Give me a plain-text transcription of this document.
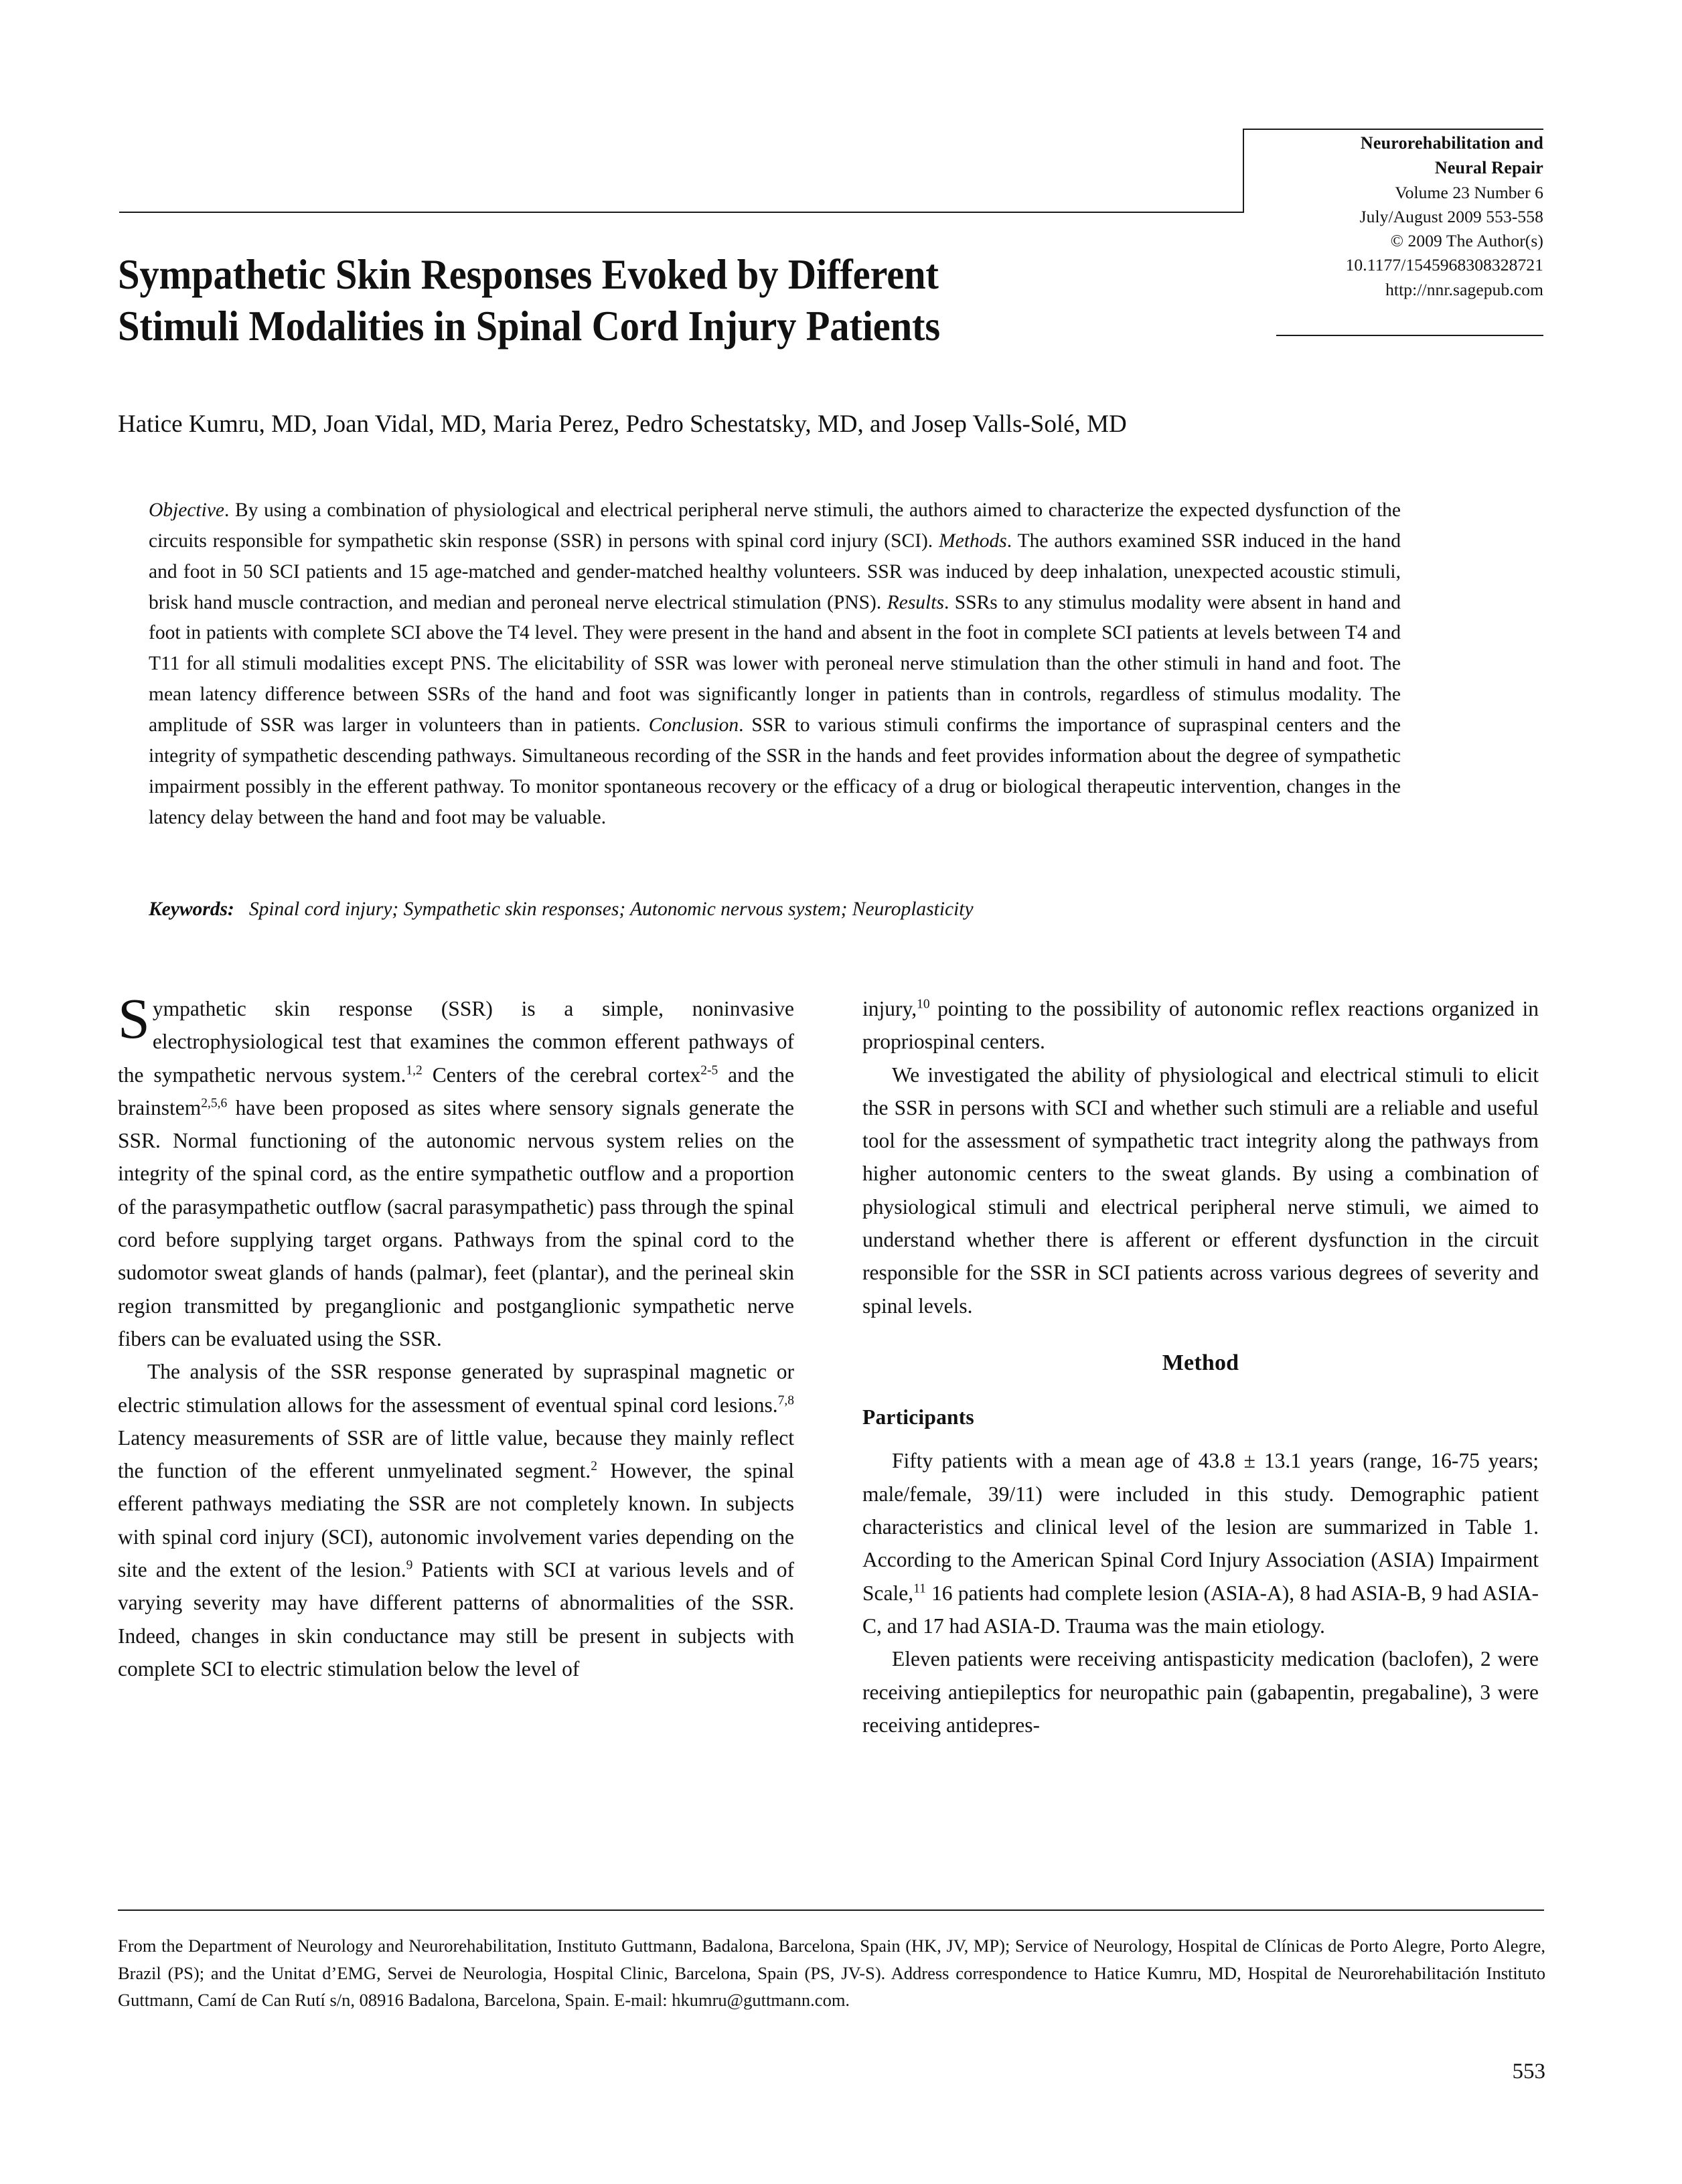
Neurorehabilitation and
Neural Repair
Volume 23 Number 6
July/August 2009 553-558
© 2009 The Author(s)
10.1177/1545968308328721
http://nnr.sagepub.com
Sympathetic Skin Responses Evoked by Different
Stimuli Modalities in Spinal Cord Injury Patients
Hatice Kumru, MD, Joan Vidal, MD, Maria Perez, Pedro Schestatsky, MD, and Josep Valls-Solé, MD
Objective. By using a combination of physiological and electrical peripheral nerve stimuli, the authors aimed to characterize the expected dysfunction of the circuits responsible for sympathetic skin response (SSR) in persons with spinal cord injury (SCI). Methods. The authors examined SSR induced in the hand and foot in 50 SCI patients and 15 age-matched and gender-matched healthy volunteers. SSR was induced by deep inhalation, unexpected acoustic stimuli, brisk hand muscle contraction, and median and peroneal nerve electrical stimulation (PNS). Results. SSRs to any stimulus modality were absent in hand and foot in patients with complete SCI above the T4 level. They were present in the hand and absent in the foot in complete SCI patients at levels between T4 and T11 for all stimuli modalities except PNS. The elicitability of SSR was lower with peroneal nerve stimulation than the other stimuli in hand and foot. The mean latency difference between SSRs of the hand and foot was significantly longer in patients than in controls, regardless of stimulus modality. The amplitude of SSR was larger in volunteers than in patients. Conclusion. SSR to various stimuli confirms the importance of supraspinal centers and the integrity of sympathetic descending pathways. Simultaneous recording of the SSR in the hands and feet provides information about the degree of sympathetic impairment possibly in the efferent pathway. To monitor spontaneous recovery or the efficacy of a drug or biological therapeutic intervention, changes in the latency delay between the hand and foot may be valuable.
Keywords: Spinal cord injury; Sympathetic skin responses; Autonomic nervous system; Neuroplasticity

Sympathetic skin response (SSR) is a simple, noninvasive electrophysiological test that examines the common efferent pathways of the sympathetic nervous system.$^{1,2}$ Centers of the cerebral cortex$^{2-5}$ and the brainstem$^{2,5,6}$ have been proposed as sites where sensory signals generate the SSR. Normal functioning of the autonomic nervous system relies on the integrity of the spinal cord, as the entire sympathetic outflow and a proportion of the parasympathetic outflow (sacral parasympathetic) pass through the spinal cord before supplying target organs. Pathways from the spinal cord to the sudomotor sweat glands of hands (palmar), feet (plantar), and the perineal skin region transmitted by preganglionic and postganglionic sympathetic nerve fibers can be evaluated using the SSR.

The analysis of the SSR response generated by supraspinal magnetic or electric stimulation allows for the assessment of eventual spinal cord lesions.$^{7,8}$ Latency measurements of SSR are of little value, because they mainly reflect the function of the efferent unmyelinated segment.$^2$ However, the spinal efferent pathways mediating the SSR are not completely known. In subjects with spinal cord injury (SCI), autonomic involvement varies depending on the site and the extent of the lesion.$^9$ Patients with SCI at various levels and of varying severity may have different patterns of abnormalities of the SSR. Indeed, changes in skin conductance may still be present in subjects with complete SCI to electric stimulation below the level of

injury,$^{10}$ pointing to the possibility of autonomic reflex reactions organized in propriospinal centers.

We investigated the ability of physiological and electrical stimuli to elicit the SSR in persons with SCI and whether such stimuli are a reliable and useful tool for the assessment of sympathetic tract integrity along the pathways from higher autonomic centers to the sweat glands. By using a combination of physiological stimuli and electrical peripheral nerve stimuli, we aimed to understand whether there is afferent or efferent dysfunction in the circuit responsible for the SSR in SCI patients across various degrees of severity and spinal levels.

Method
Participants

Fifty patients with a mean age of 43.8 ± 13.1 years (range, 16-75 years; male/female, 39/11) were included in this study. Demographic patient characteristics and clinical level of the lesion are summarized in Table 1. According to the American Spinal Cord Injury Association (ASIA) Impairment Scale,$^{11}$ 16 patients had complete lesion (ASIA-A), 8 had ASIA-B, 9 had ASIA-C, and 17 had ASIA-D. Trauma was the main etiology.

Eleven patients were receiving antispasticity medication (baclofen), 2 were receiving antiepileptics for neuropathic pain (gabapentin, pregabaline), 3 were receiving antidepres-

From the Department of Neurology and Neurorehabilitation, Instituto Guttmann, Badalona, Barcelona, Spain (HK, JV, MP); Service of Neurology, Hospital de Clínicas de Porto Alegre, Porto Alegre, Brazil (PS); and the Unitat d’EMG, Servei de Neurologia, Hospital Clinic, Barcelona, Spain (PS, JV-S). Address correspondence to Hatice Kumru, MD, Hospital de Neurorehabilitación Instituto Guttmann, Camí de Can Rutí s/n, 08916 Badalona, Barcelona, Spain. E-mail: hkumru@guttmann.com.
553
